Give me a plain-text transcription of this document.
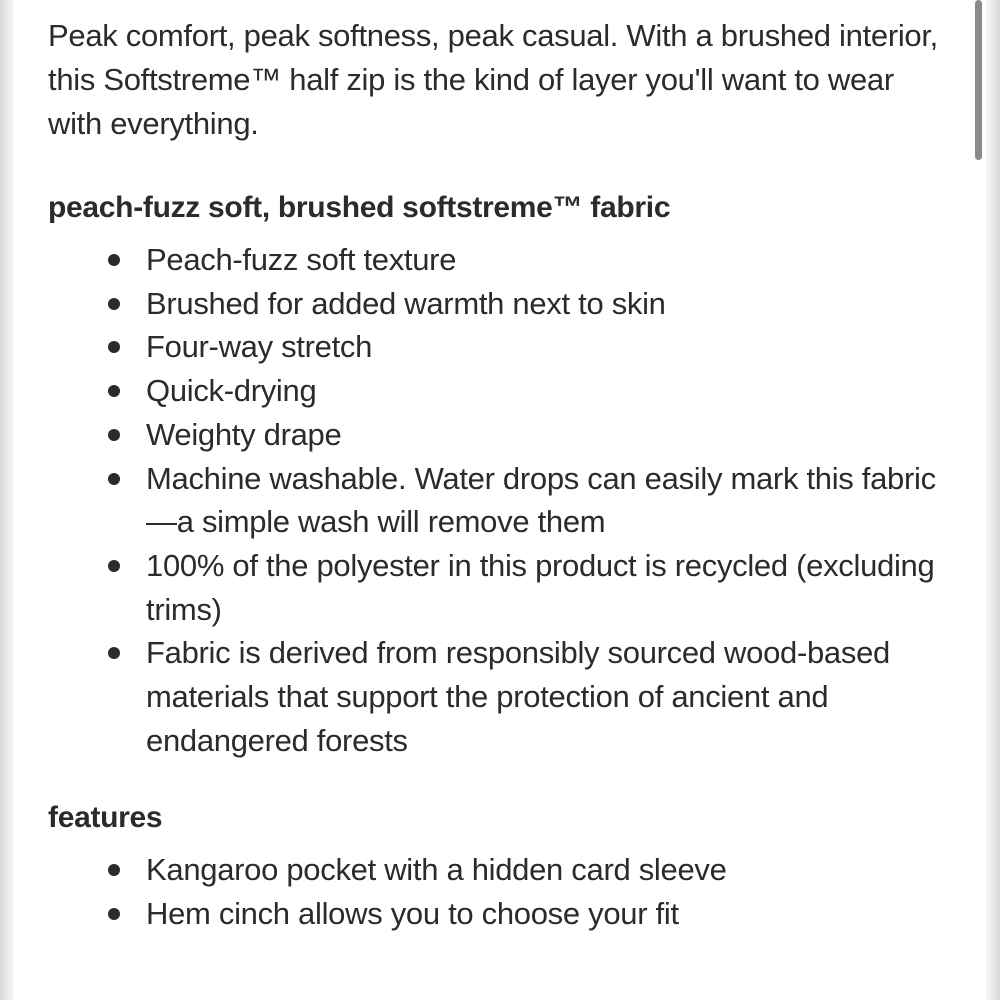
Peak comfort, peak softness, peak casual. With a brushed interior, this Softstreme™ half zip is the kind of layer you'll want to wear with everything.

peach-fuzz soft, brushed softstreme™ fabric
Peach-fuzz soft texture
Brushed for added warmth next to skin
Four-way stretch
Quick-drying
Weighty drape
Machine washable. Water drops can easily mark this fabric—a simple wash will remove them
100% of the polyester in this product is recycled (excluding trims)
Fabric is derived from responsibly sourced wood-based materials that support the protection of ancient and endangered forests
features
Kangaroo pocket with a hidden card sleeve
Hem cinch allows you to choose your fit
